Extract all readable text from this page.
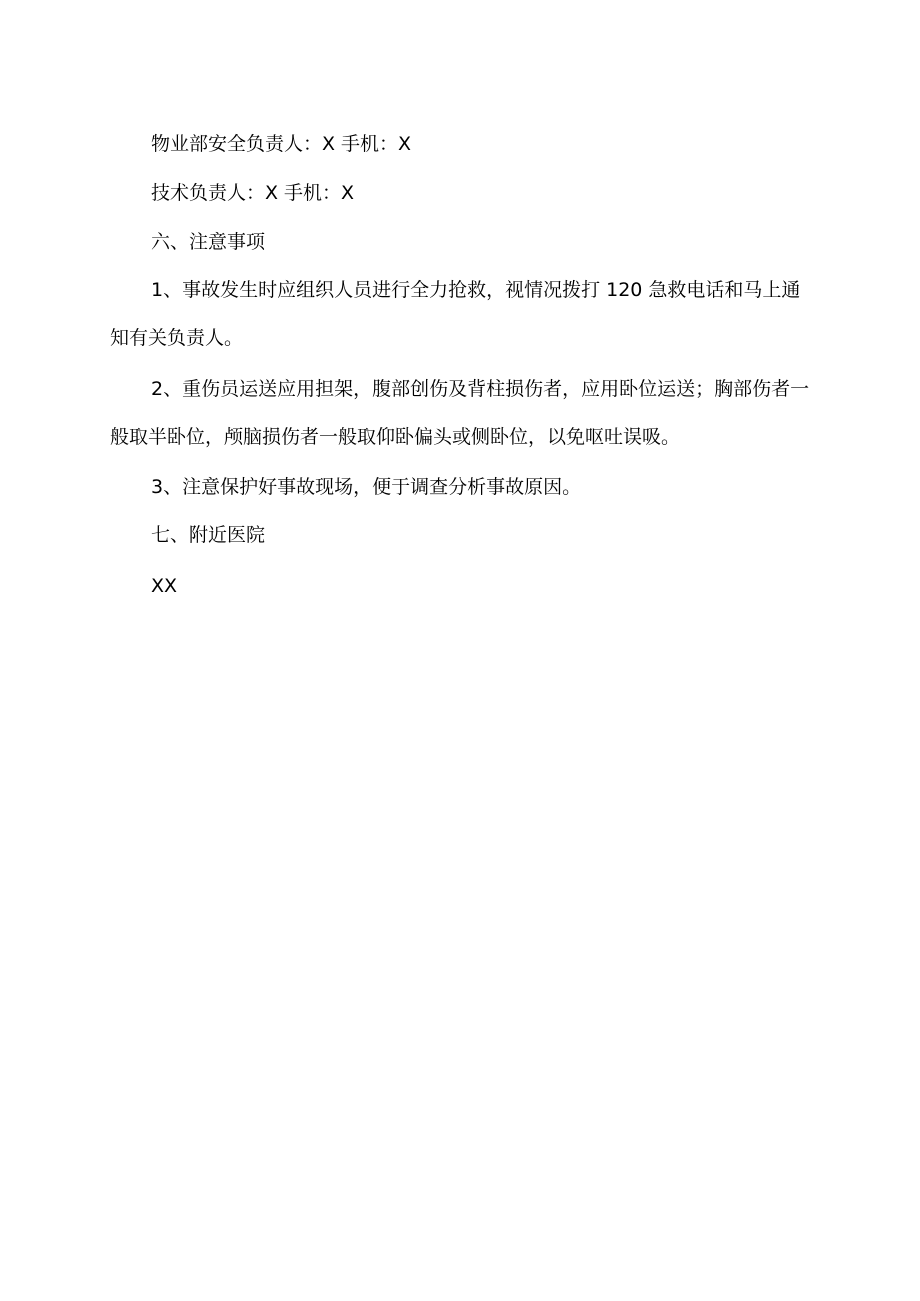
物业部安全负责人：X 手机：X

技术负责人：X 手机：X

六、注意事项

1、事故发生时应组织人员进行全力抢救，视情况拨打 120 急救电话和马上通知有关负责人。

2、重伤员运送应用担架，腹部创伤及背柱损伤者，应用卧位运送；胸部伤者一般取半卧位，颅脑损伤者一般取仰卧偏头或侧卧位，以免呕吐误吸。

3、注意保护好事故现场，便于调查分析事故原因。

七、附近医院

XX
